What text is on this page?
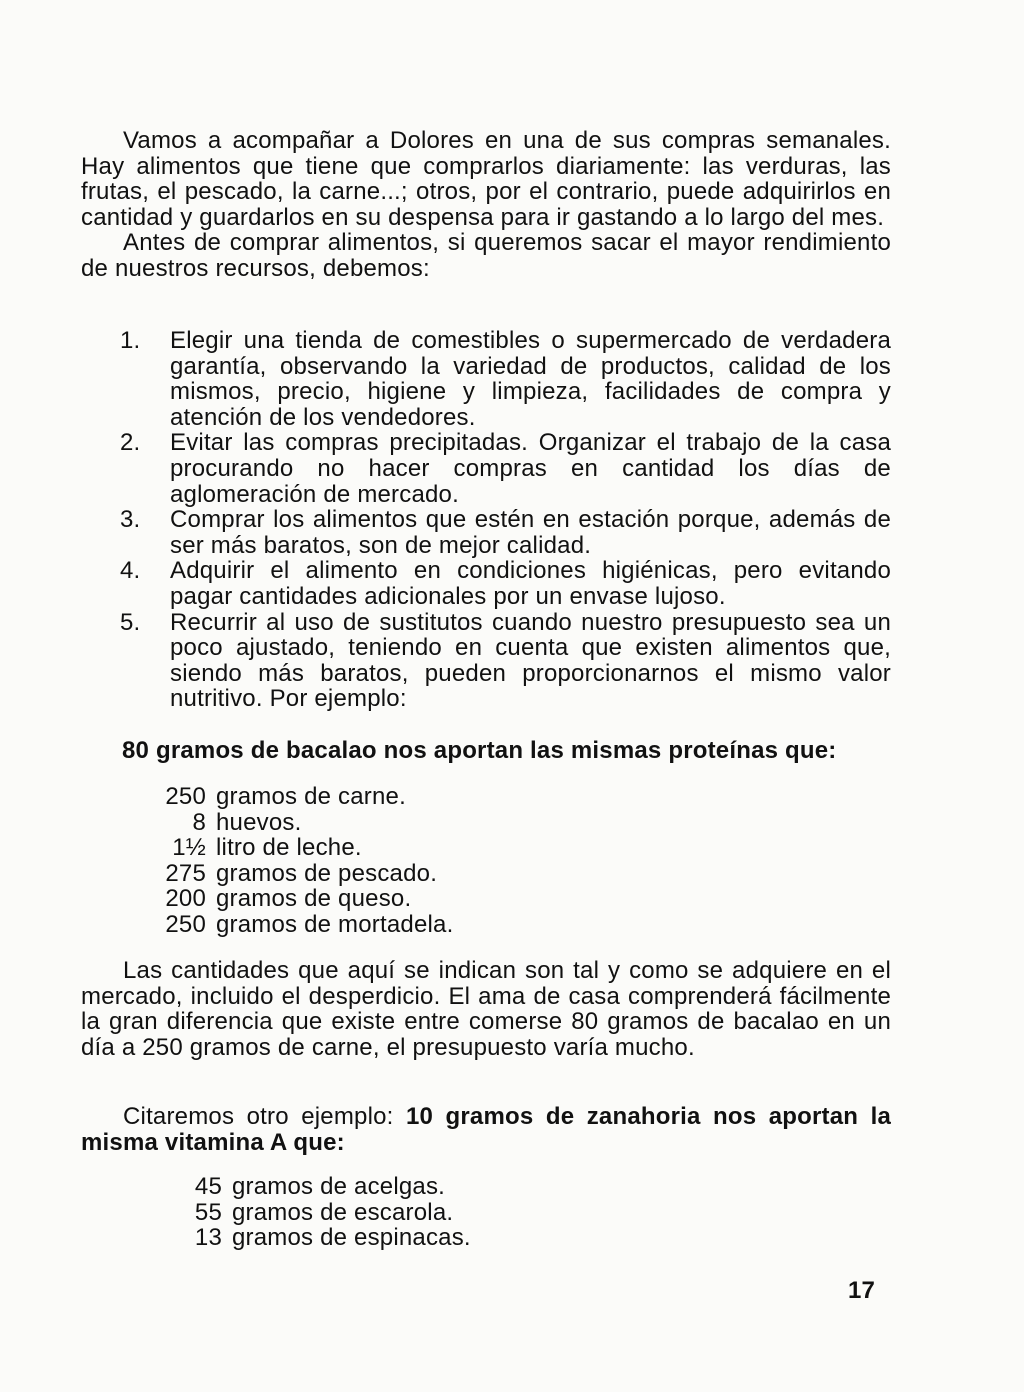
Vamos a acompañar a Dolores en una de sus compras semanales. Hay alimentos que tiene que comprarlos diariamente: las verduras, las frutas, el pescado, la carne...; otros, por el contrario, puede adquirirlos en cantidad y guardarlos en su despensa para ir gastando a lo largo del mes.

Antes de comprar alimentos, si queremos sacar el mayor rendimiento de nuestros recursos, debemos:

1. Elegir una tienda de comestibles o supermercado de verdadera garantía, observando la variedad de productos, calidad de los mismos, precio, higiene y limpieza, facilidades de compra y atención de los vendedores.
2. Evitar las compras precipitadas. Organizar el trabajo de la casa procurando no hacer compras en cantidad los días de aglomeración de mercado.
3. Comprar los alimentos que estén en estación porque, además de ser más baratos, son de mejor calidad.
4. Adquirir el alimento en condiciones higiénicas, pero evitando pagar cantidades adicionales por un envase lujoso.
5. Recurrir al uso de sustitutos cuando nuestro presupuesto sea un poco ajustado, teniendo en cuenta que existen alimentos que, siendo más baratos, pueden proporcionarnos el mismo valor nutritivo. Por ejemplo:

80 gramos de bacalao nos aportan las mismas proteínas que:

250 gramos de carne.
8 huevos.
1½ litro de leche.
275 gramos de pescado.
200 gramos de queso.
250 gramos de mortadela.

Las cantidades que aquí se indican son tal y como se adquiere en el mercado, incluido el desperdicio. El ama de casa comprenderá fácilmente la gran diferencia que existe entre comerse 80 gramos de bacalao en un día a 250 gramos de carne, el presupuesto varía mucho.

Citaremos otro ejemplo: 10 gramos de zanahoria nos aportan la misma vitamina A que:

45 gramos de acelgas.
55 gramos de escarola.
13 gramos de espinacas.
17
